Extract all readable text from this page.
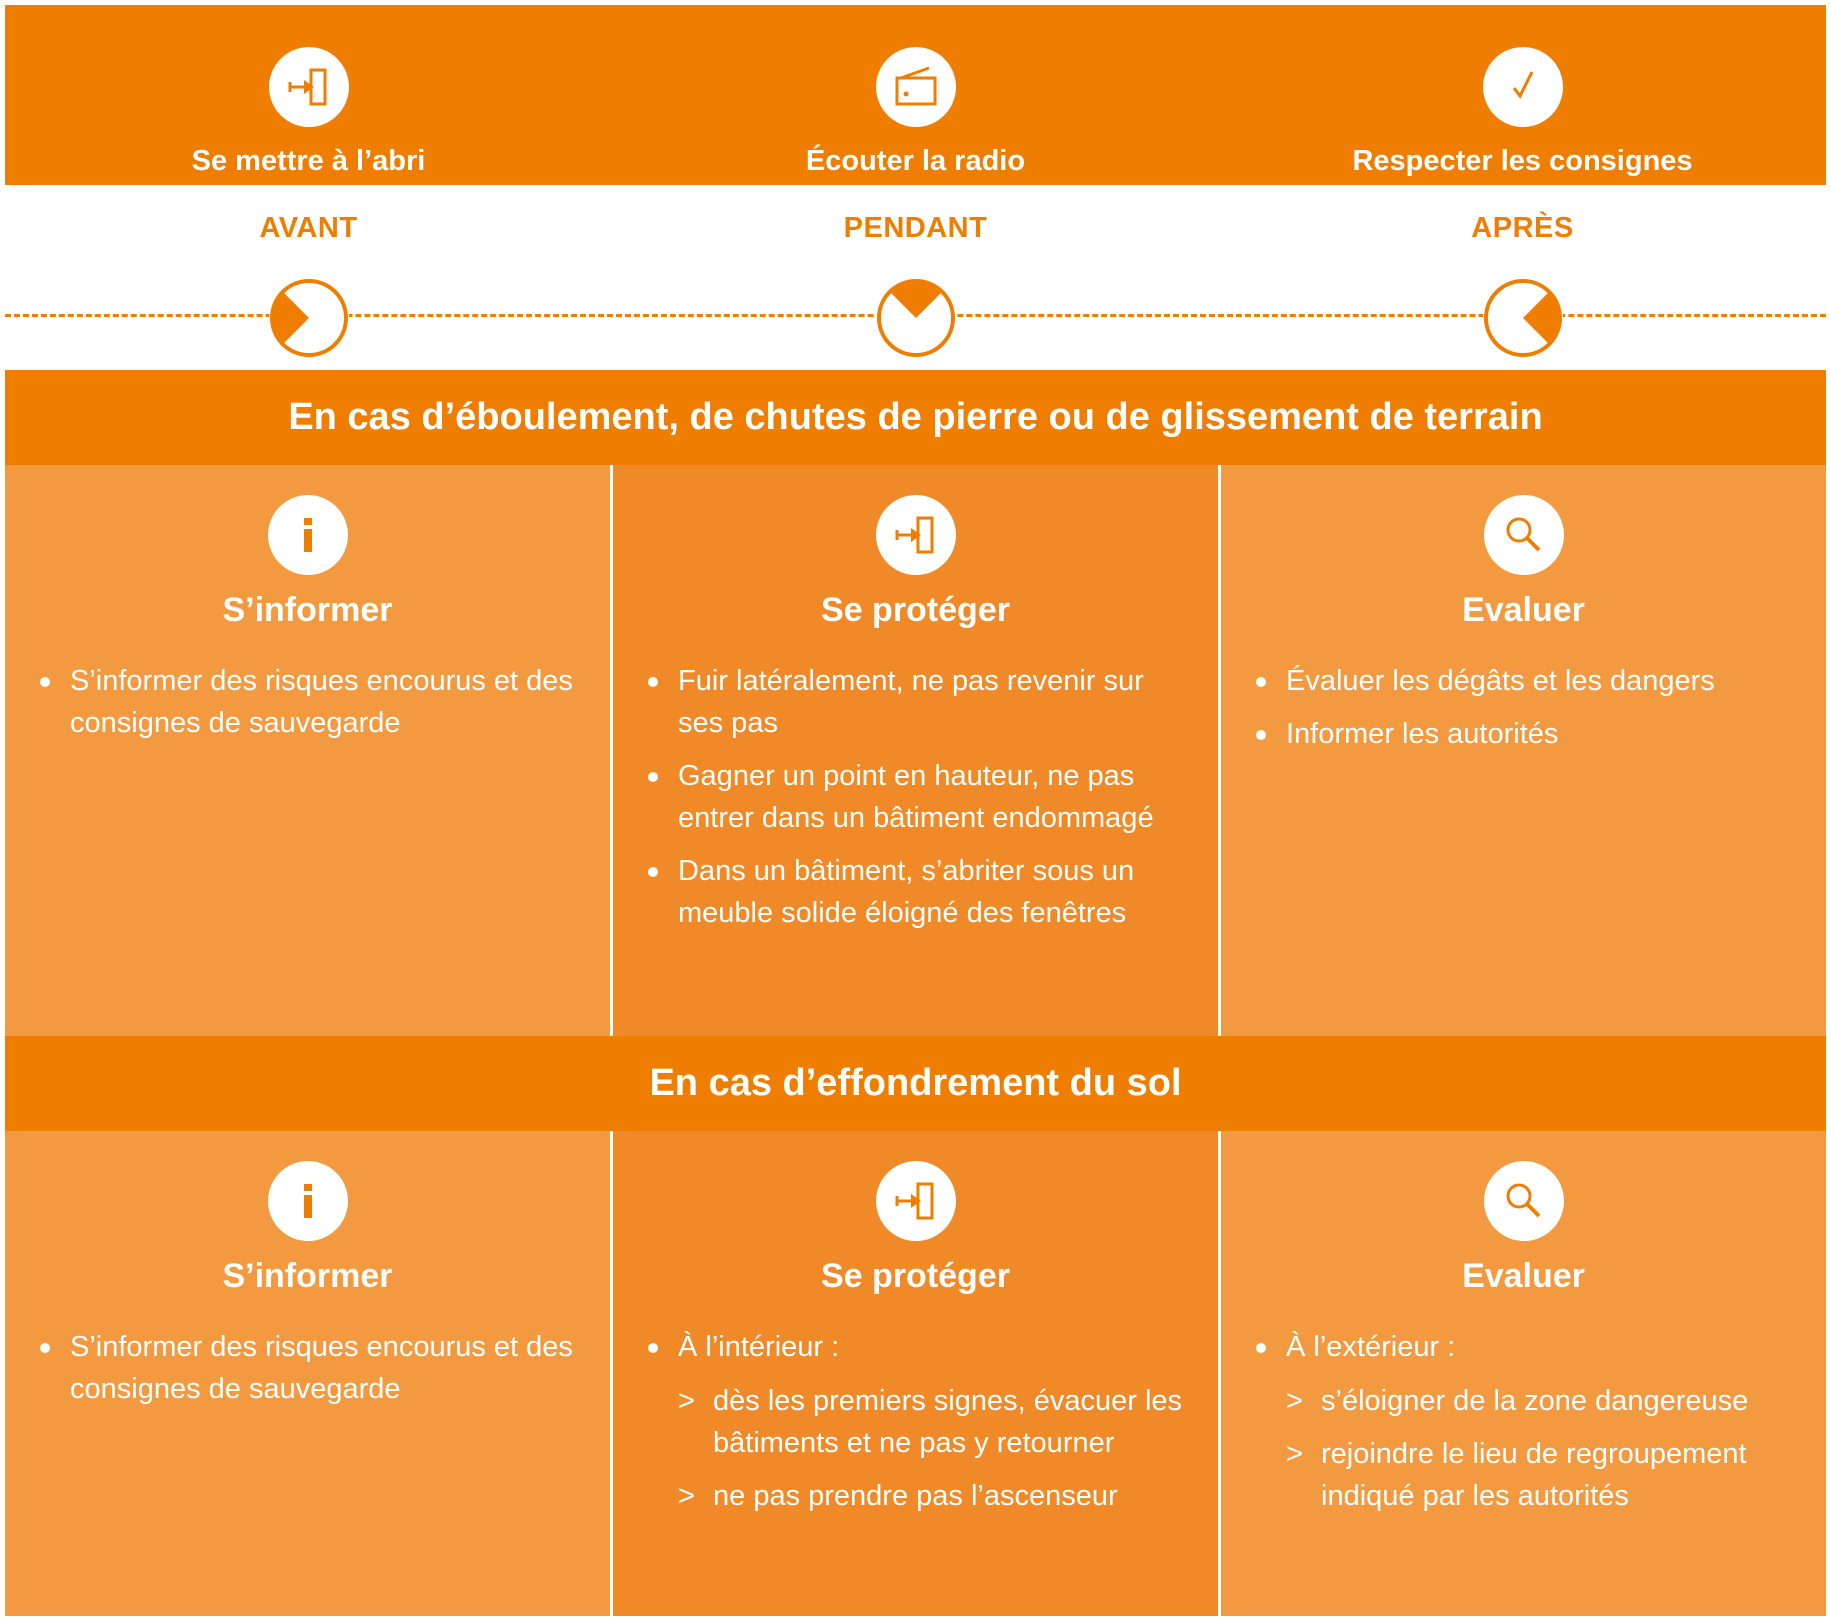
Se mettre à l’abri	Écouter la radio	Respecter les consignes
AVANT	PENDANT	APRÈS
En cas d’éboulement, de chutes de pierre ou de glissement de terrain
S’informer
S’informer des risques encourus et des consignes de sauvegarde
Se protéger
Fuir latéralement, ne pas revenir sur ses pas
Gagner un point en hauteur, ne pas entrer dans un bâtiment endommagé
Dans un bâtiment, s’abriter sous un meuble solide éloigné des fenêtres
Evaluer
Évaluer les dégâts et les dangers
Informer les autorités
En cas d’effondrement du sol
S’informer
S’informer des risques encourus et des consignes de sauvegarde
Se protéger
À l’intérieur :
> dès les premiers signes, évacuer les bâtiments et ne pas y retourner
> ne pas prendre pas l’ascenseur
Evaluer
À l’extérieur :
> s’éloigner de la zone dangereuse
> rejoindre le lieu de regroupement indiqué par les autorités
